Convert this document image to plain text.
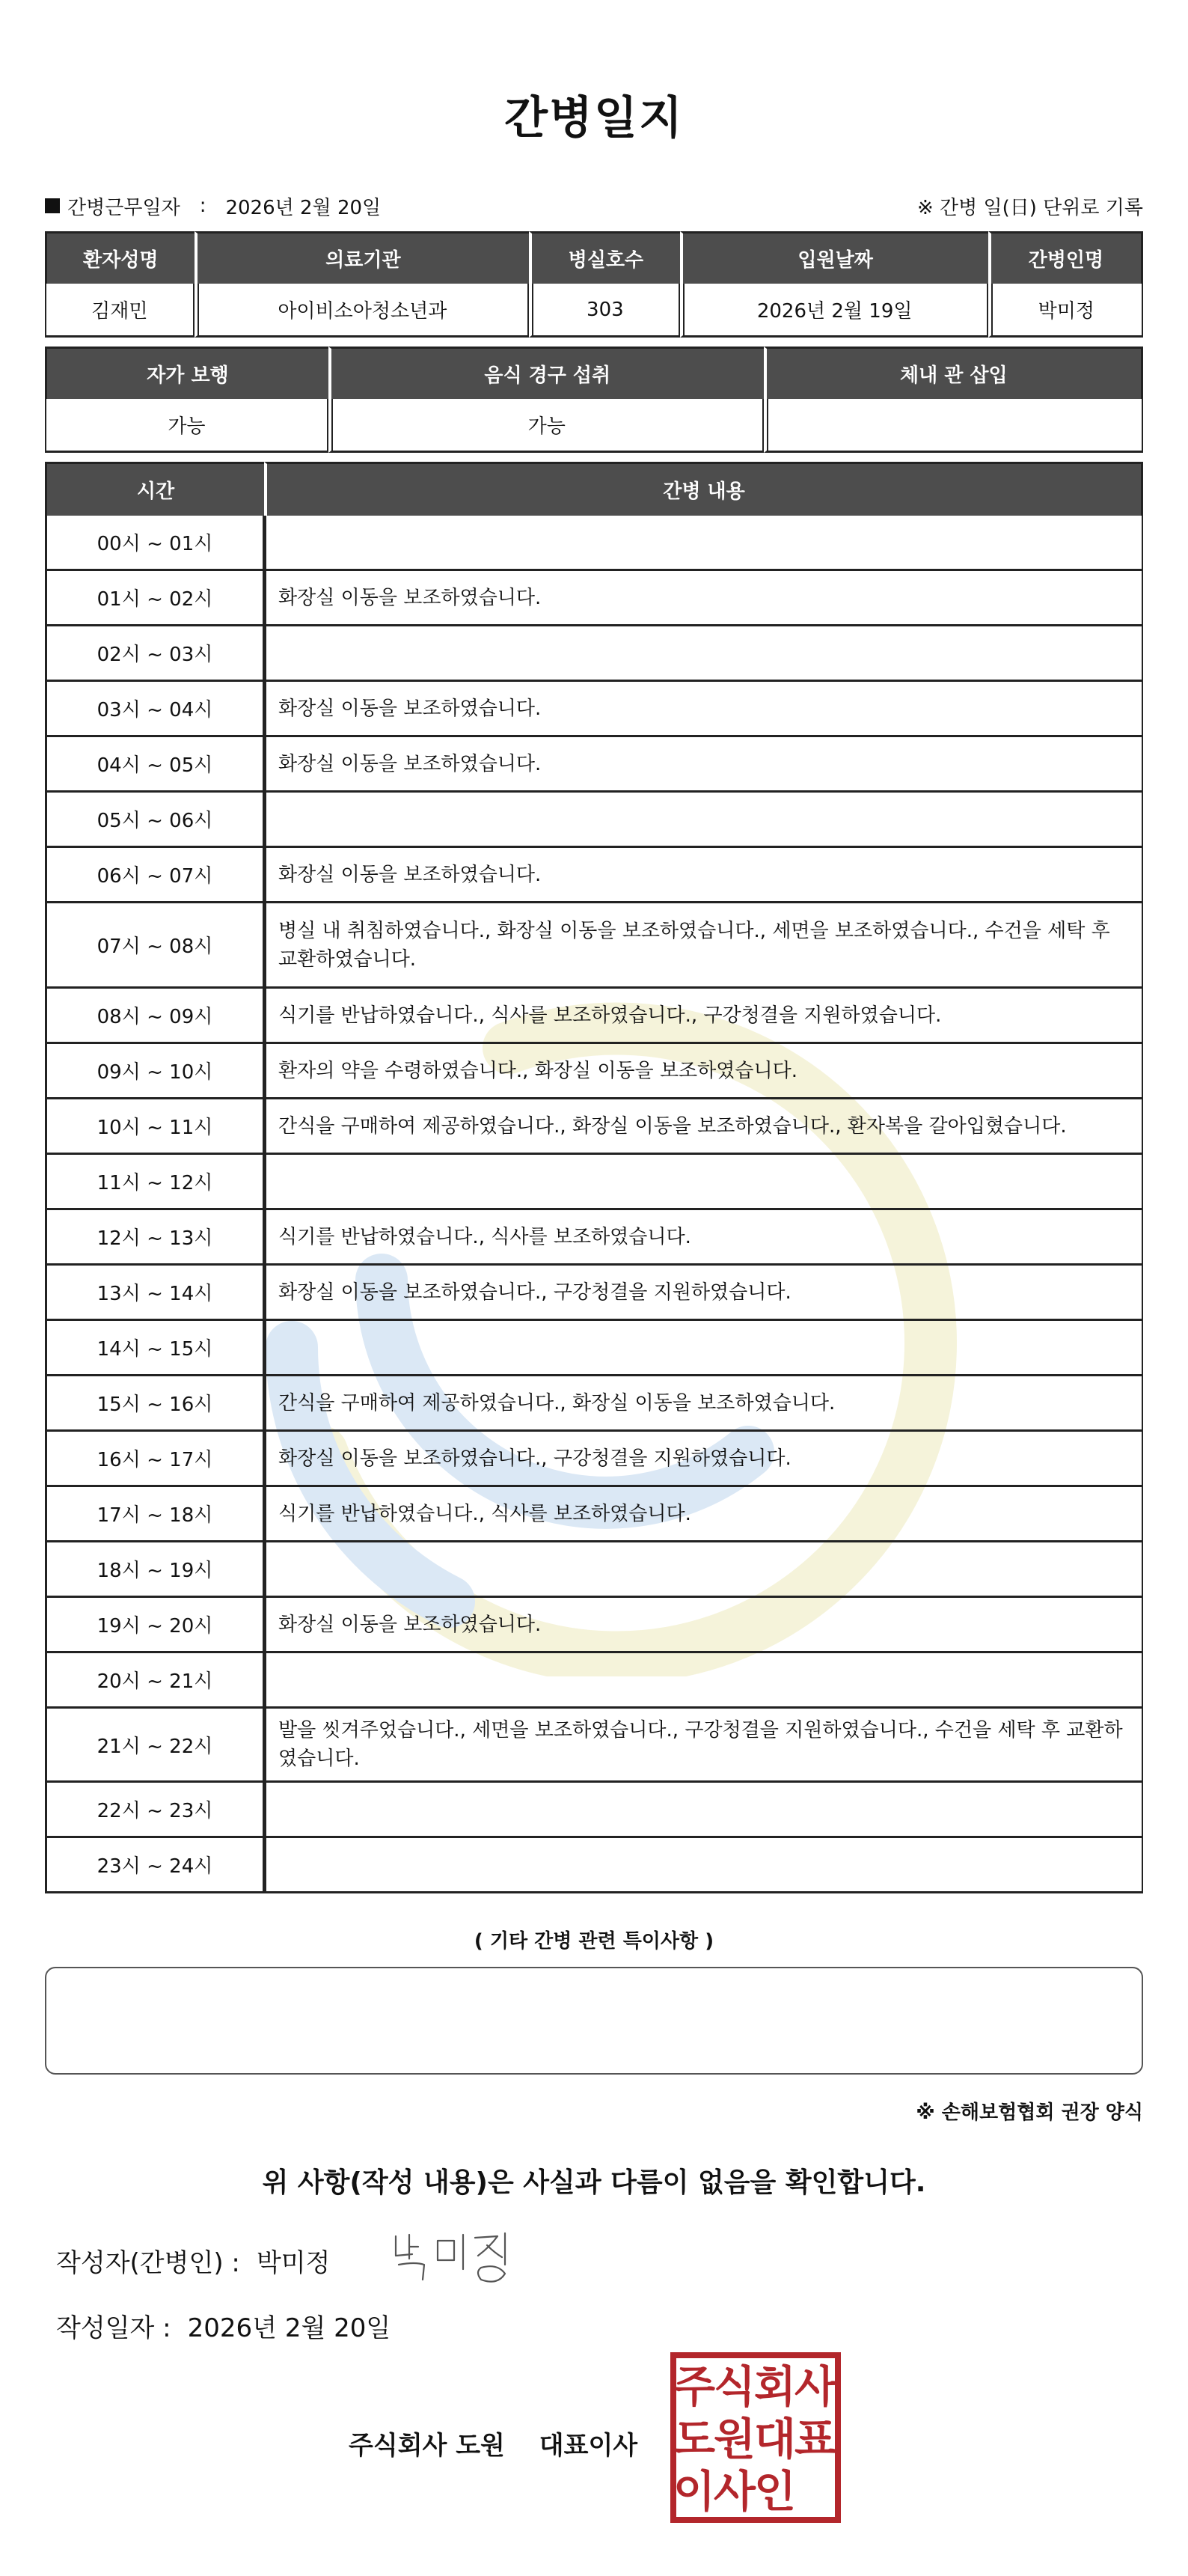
간병일지
간병근무일자 : 2026년 2월 20일	※ 간병 일(日) 단위로 기록
환자성명	의료기관	병실호수	입원날짜	간병인명
김재민	아이비소아청소년과	303	2026년 2월 19일	박미정
자가 보행	음식 경구 섭취	체내 관 삽입
가능	가능	
시간	간병 내용
00시 ~ 01시	
01시 ~ 02시	화장실 이동을 보조하였습니다.
02시 ~ 03시	
03시 ~ 04시	화장실 이동을 보조하였습니다.
04시 ~ 05시	화장실 이동을 보조하였습니다.
05시 ~ 06시	
06시 ~ 07시	화장실 이동을 보조하였습니다.
07시 ~ 08시	병실 내 취침하였습니다., 화장실 이동을 보조하였습니다., 세면을 보조하였습니다., 수건을 세탁 후 교환하였습니다.
08시 ~ 09시	식기를 반납하였습니다., 식사를 보조하였습니다., 구강청결을 지원하였습니다.
09시 ~ 10시	환자의 약을 수령하였습니다., 화장실 이동을 보조하였습니다.
10시 ~ 11시	간식을 구매하여 제공하였습니다., 화장실 이동을 보조하였습니다., 환자복을 갈아입혔습니다.
11시 ~ 12시	
12시 ~ 13시	식기를 반납하였습니다., 식사를 보조하였습니다.
13시 ~ 14시	화장실 이동을 보조하였습니다., 구강청결을 지원하였습니다.
14시 ~ 15시	
15시 ~ 16시	간식을 구매하여 제공하였습니다., 화장실 이동을 보조하였습니다.
16시 ~ 17시	화장실 이동을 보조하였습니다., 구강청결을 지원하였습니다.
17시 ~ 18시	식기를 반납하였습니다., 식사를 보조하였습니다.
18시 ~ 19시	
19시 ~ 20시	화장실 이동을 보조하였습니다.
20시 ~ 21시	
21시 ~ 22시	발을 씻겨주었습니다., 세면을 보조하였습니다., 구강청결을 지원하였습니다., 수건을 세탁 후 교환하였습니다.
22시 ~ 23시	
23시 ~ 24시	
( 기타 간병 관련 특이사항 )
※ 손해보험협회 권장 양식
위 사항(작성 내용)은 사실과 다름이 없음을 확인합니다.
작성자(간병인) : 박미정
작성일자 : 2026년 2월 20일
주식회사 도원 대표이사
주
식
회
사
도
원
대
표
이
사
인
